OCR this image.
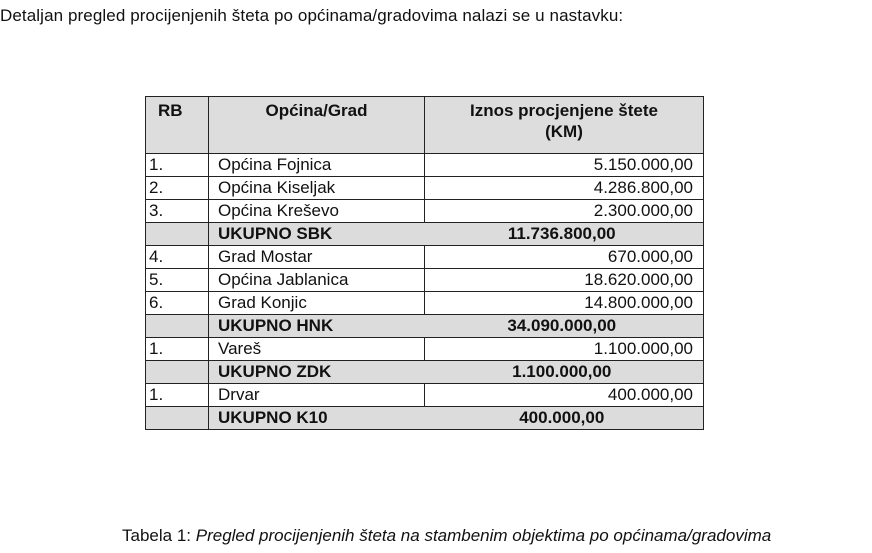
Detaljan pregled procijenjenih šteta po općinama/gradovima nalazi se u nastavku:

RB	Općina/Grad	Iznos procjenjene štete
(KM)
1.	Općina Fojnica	5.150.000,00
2.	Općina Kiseljak	4.286.800,00
3.	Općina Kreševo	2.300.000,00
	UKUPNO SBK	11.736.800,00
4.	Grad Mostar	670.000,00
5.	Općina Jablanica	18.620.000,00
6.	Grad Konjic	14.800.000,00
	UKUPNO HNK	34.090.000,00
1.	Vareš	1.100.000,00
	UKUPNO ZDK	1.100.000,00
1.	Drvar	400.000,00
	UKUPNO K10	400.000,00

Tabela 1: Pregled procijenjenih šteta na stambenim objektima po općinama/gradovima
